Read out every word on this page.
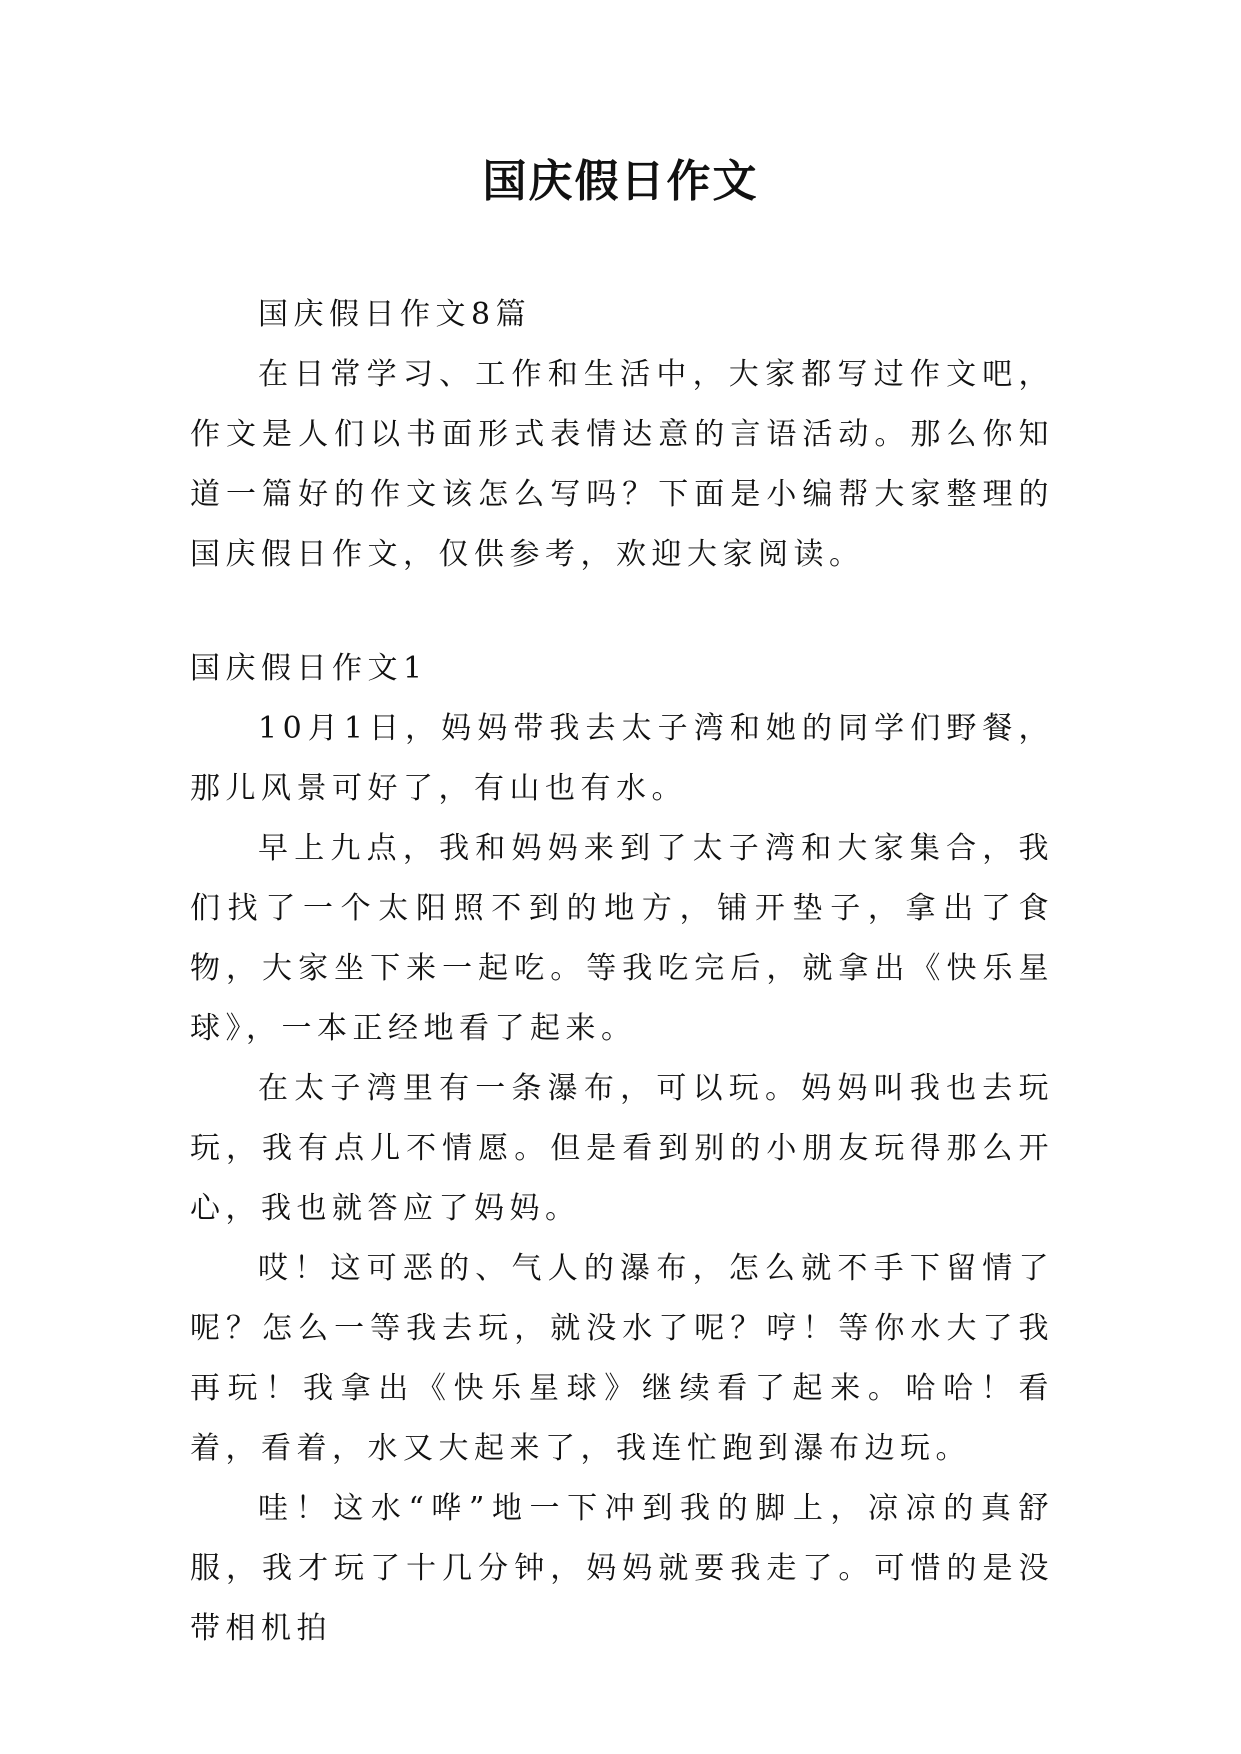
国庆假日作文

国庆假日作文8篇

在日常学习、工作和生活中，大家都写过作文吧，作文是人们以书面形式表情达意的言语活动。那么你知道一篇好的作文该怎么写吗？下面是小编帮大家整理的国庆假日作文，仅供参考，欢迎大家阅读。

国庆假日作文1

10月1日，妈妈带我去太子湾和她的同学们野餐，那儿风景可好了，有山也有水。

早上九点，我和妈妈来到了太子湾和大家集合，我们找了一个太阳照不到的地方，铺开垫子，拿出了食物，大家坐下来一起吃。等我吃完后，就拿出《快乐星球》，一本正经地看了起来。

在太子湾里有一条瀑布，可以玩。妈妈叫我也去玩玩，我有点儿不情愿。但是看到别的小朋友玩得那么开心，我也就答应了妈妈。

哎！这可恶的、气人的瀑布，怎么就不手下留情了呢？怎么一等我去玩，就没水了呢？哼！等你水大了我再玩！我拿出《快乐星球》继续看了起来。哈哈！看着，看着，水又大起来了，我连忙跑到瀑布边玩。

哇！这水“哗”地一下冲到我的脚上，凉凉的真舒服，我才玩了十几分钟，妈妈就要我走了。可惜的是没带相机拍
